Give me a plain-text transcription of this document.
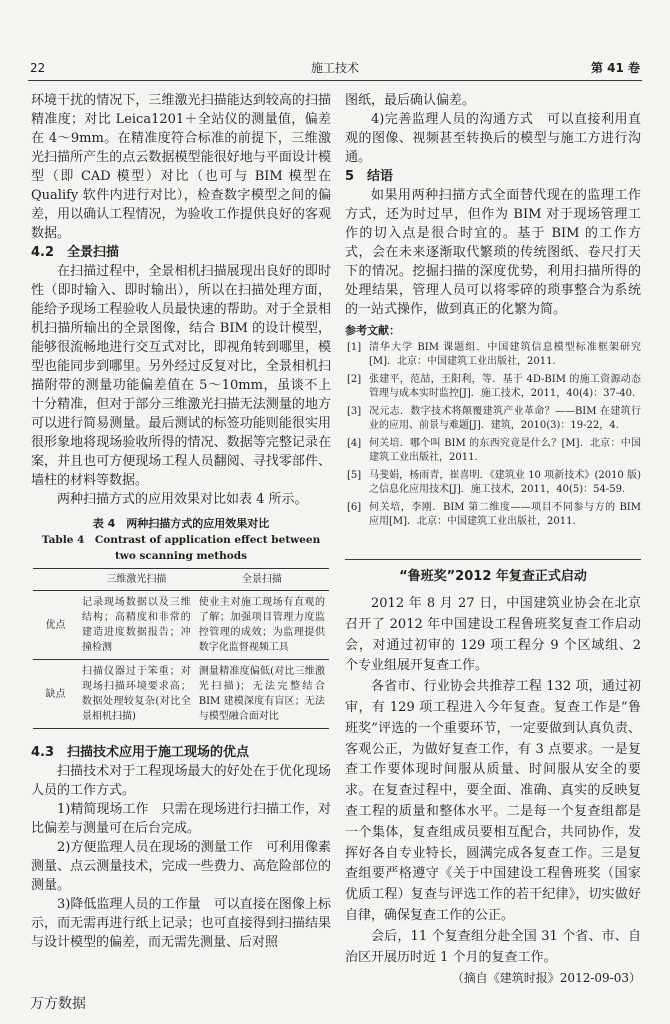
22	施工技术	第 41 卷

环境干扰的情况下，三维激光扫描能达到较高的扫描精准度；对比 Leica1201＋全站仪的测量值，偏差在 4～9mm。在精准度符合标准的前提下，三维激光扫描所产生的点云数据模型能很好地与平面设计模型（即 CAD 模型）对比（也可与 BIM 模型在 Qualify 软件内进行对比），检查数字模型之间的偏差，用以确认工程情况，为验收工作提供良好的客观数据。

4.2　全景扫描

在扫描过程中，全景相机扫描展现出良好的即时性（即时输入、即时输出），所以在扫描处理方面，能给予现场工程验收人员最快速的帮助。对于全景相机扫描所输出的全景图像，结合 BIM 的设计模型，能够很流畅地进行交互式对比，即视角转到哪里，模型也能同步到哪里。另外经过反复对比，全景相机扫描附带的测量功能偏差值在 5～10mm，虽谈不上十分精准，但对于部分三维激光扫描无法测量的地方可以进行简易测量。最后测试的标签功能则能很实用很形象地将现场验收所得的情况、数据等完整记录在案，并且也可方便现场工程人员翻阅、寻找零部件、墙柱的材料等数据。

两种扫描方式的应用效果对比如表 4 所示。

表 4　两种扫描方式的应用效果对比
Table 4　Contrast of application effect between
two scanning methods
	三维激光扫描	全景扫描
优点	记录现场数据以及三维结构；高精度和非常的建造进度数据报告；冲撞检测	使业主对施工现场有直观的了解；加强项目管理力度监控管理的成效；为监理提供数字化监督视频工具
缺点	扫描仪器过于笨重；对现场扫描环境要求高；数据处理较复杂(对比全景相机扫描)	测量精准度偏低(对比三维激光扫描)；无法完整结合 BIM 建模深度有盲区；无法与模型融合面对比
4.3　扫描技术应用于施工现场的优点

扫描技术对于工程现场最大的好处在于优化现场人员的工作方式。

1)精简现场工作　只需在现场进行扫描工作，对比偏差与测量可在后台完成。

2)方便监理人员在现场的测量工作　可利用像素测量、点云测量技术，完成一些费力、高危险部位的测量。

3)降低监理人员的工作量　可以直接在图像上标示，而无需再进行纸上记录；也可直接得到扫描结果与设计模型的偏差，而无需先测量、后对照

图纸，最后确认偏差。

4)完善监理人员的沟通方式　可以直接利用直观的图像、视频甚至转换后的模型与施工方进行沟通。

5　结语

如果用两种扫描方式全面替代现在的监理工作方式，还为时过早，但作为 BIM 对于现场管理工作的切入点是很合时宜的。基于 BIM 的工作方式，会在未来逐渐取代繁琐的传统图纸、卷尺打天下的情况。挖掘扫描的深度优势，利用扫描所得的处理结果，管理人员可以将零碎的琐事整合为系统的一站式操作，做到真正的化繁为简。

参考文献：
[1] 清华大学 BIM 课题组．中国建筑信息模型标准框架研究[M]．北京：中国建筑工业出版社，2011.
[2] 张建平，范喆，王阳利，等．基于 4D-BIM 的施工资源动态管理与成本实时监控[J]．施工技术，2011，40(4)：37-40.
[3] 况元志．数字技术将颠覆建筑产业革命？——BIM 在建筑行业的应用、前景与难题[J]．建筑，2010(3)：19-22，4.
[4] 何关培．哪个叫 BIM 的东西究竟是什么？[M]．北京：中国建筑工业出版社，2011.
[5] 马斐娟，杨雨青，崔喜明．《建筑业 10 项新技术》(2010 版)之信息化应用技术[J]．施工技术，2011，40(5)：54-59.
[6] 何关培，李刚．BIM 第二维度——项目不同参与方的 BIM 应用[M]．北京：中国建筑工业出版社，2011.
“鲁班奖”2012 年复查正式启动

2012 年 8 月 27 日，中国建筑业协会在北京召开了 2012 年中国建设工程鲁班奖复查工作启动会，对通过初审的 129 项工程分 9 个区域组、2 个专业组展开复查工作。

各省市、行业协会共推荐工程 132 项，通过初审，有 129 项工程进入今年复查。复查工作是“鲁班奖”评选的一个重要环节，一定要做到认真负责、客观公正，为做好复查工作，有 3 点要求。一是复查工作要体现时间服从质量、时间服从安全的要求。在复查过程中，要全面、准确、真实的反映复查工程的质量和整体水平。二是每一个复查组都是一个集体，复查组成员要相互配合，共同协作，发挥好各自专业特长，圆满完成各复查工作。三是复查组要严格遵守《关于中国建设工程鲁班奖（国家优质工程）复查与评选工作的若干纪律》，切实做好自律，确保复查工作的公正。

会后，11 个复查组分赴全国 31 个省、市、自治区开展历时近 1 个月的复查工作。

（摘自《建筑时报》2012-09-03）

万方数据
